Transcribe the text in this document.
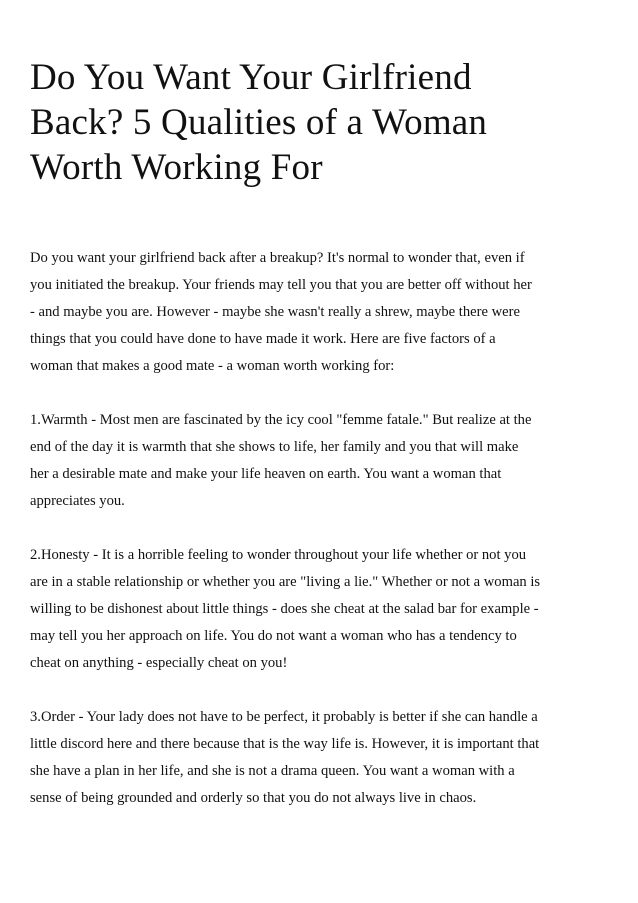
Do You Want Your Girlfriend
Back? 5 Qualities of a Woman
Worth Working For

Do you want your girlfriend back after a breakup? It's normal to wonder that, even if
you initiated the breakup. Your friends may tell you that you are better off without her
- and maybe you are. However - maybe she wasn't really a shrew, maybe there were
things that you could have done to have made it work. Here are five factors of a
woman that makes a good mate - a woman worth working for:

1.Warmth - Most men are fascinated by the icy cool "femme fatale." But realize at the
end of the day it is warmth that she shows to life, her family and you that will make
her a desirable mate and make your life heaven on earth. You want a woman that
appreciates you.

2.Honesty - It is a horrible feeling to wonder throughout your life whether or not you
are in a stable relationship or whether you are "living a lie." Whether or not a woman is
willing to be dishonest about little things - does she cheat at the salad bar for example -
may tell you her approach on life. You do not want a woman who has a tendency to
cheat on anything - especially cheat on you!

3.Order - Your lady does not have to be perfect, it probably is better if she can handle a
little discord here and there because that is the way life is. However, it is important that
she have a plan in her life, and she is not a drama queen. You want a woman with a
sense of being grounded and orderly so that you do not always live in chaos.
